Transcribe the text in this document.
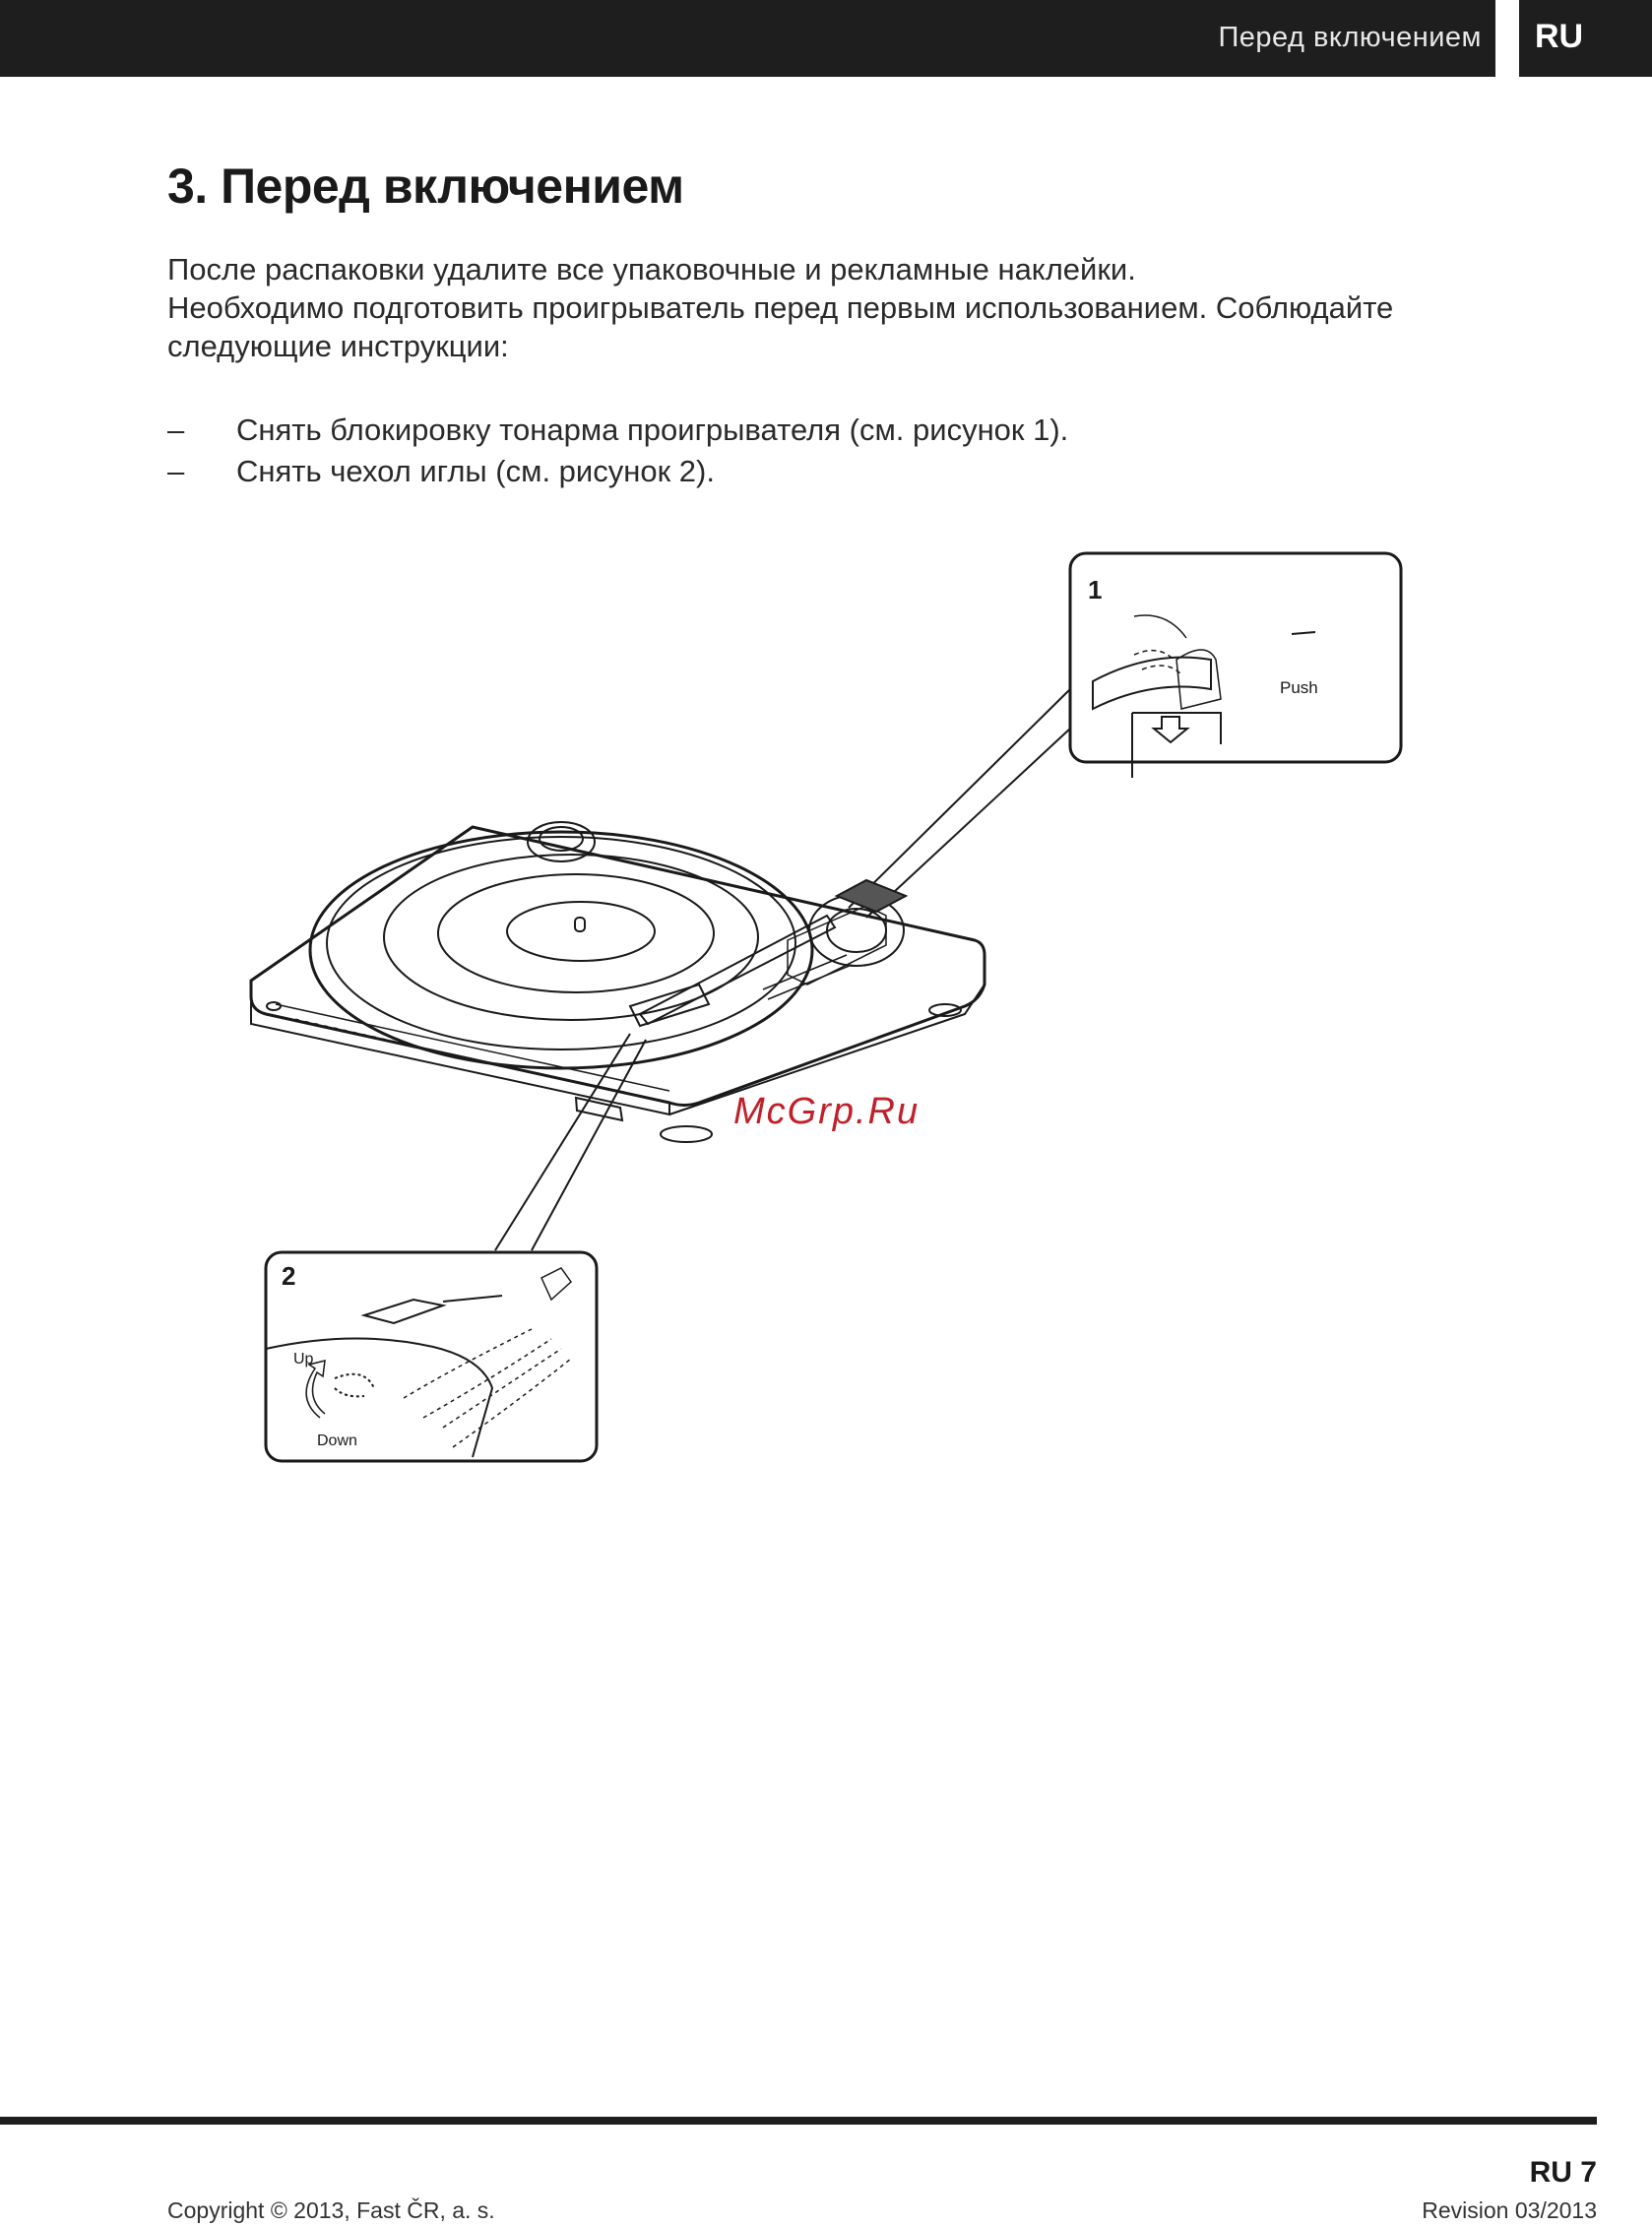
Перед включением RU
3. Перед включением

После распаковки удалите все упаковочные и рекламные наклейки.

Необходимо подготовить проигрыватель перед первым использованием. Соблюдайте следующие инструкции:

– Снять блокировку тонарма проигрывателя (см. рисунок 1).
– Снять чехол иглы (см. рисунок 2).
1
Push
2
Up
Down
McGrp.Ru
RU 7
Copyright © 2013, Fast ČR, a. s.	Revision 03/2013
